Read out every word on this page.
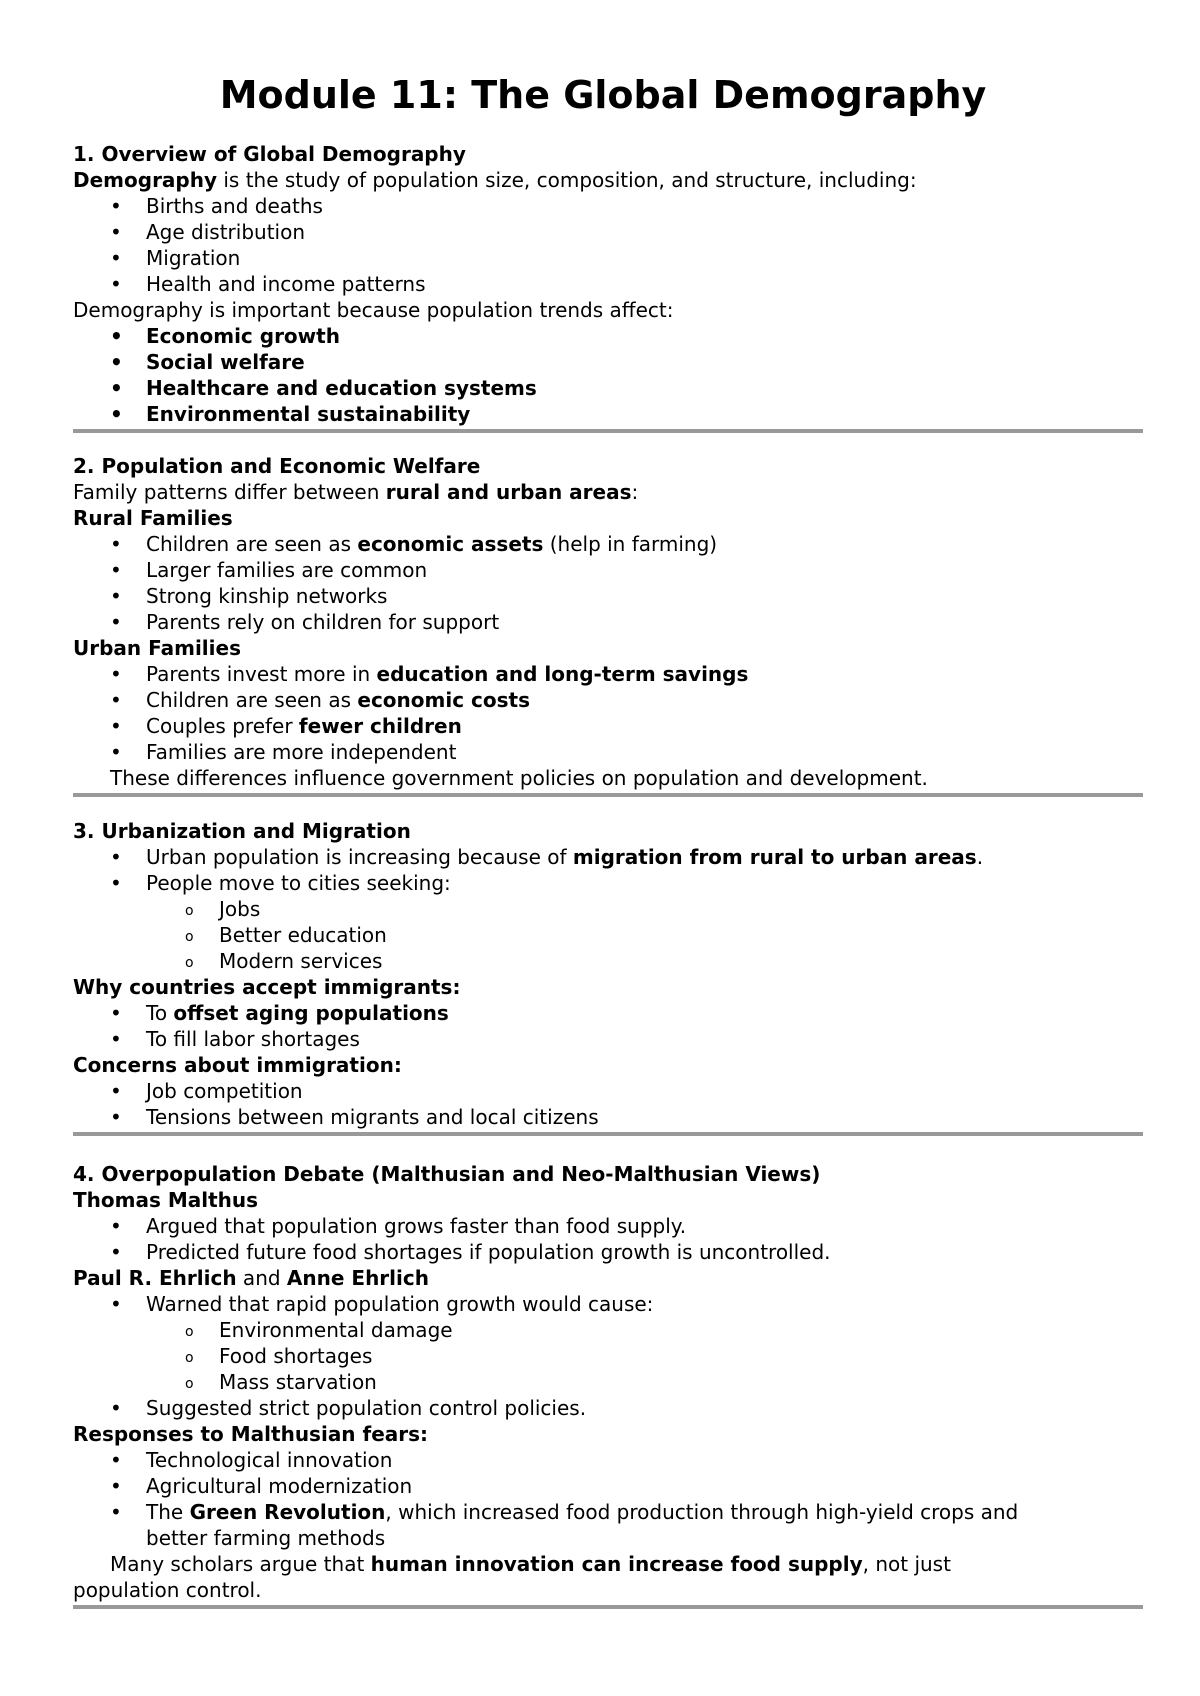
Module 11: The Global Demography
1. Overview of Global Demography
Demography is the study of population size, composition, and structure, including:
• Births and deaths
• Age distribution
• Migration
• Health and income patterns
Demography is important because population trends affect:
• Economic growth
• Social welfare
• Healthcare and education systems
• Environmental sustainability
2. Population and Economic Welfare
Family patterns differ between rural and urban areas:
Rural Families
• Children are seen as economic assets (help in farming)
• Larger families are common
• Strong kinship networks
• Parents rely on children for support
Urban Families
• Parents invest more in education and long-term savings
• Children are seen as economic costs
• Couples prefer fewer children
• Families are more independent
These differences influence government policies on population and development.
3. Urbanization and Migration
• Urban population is increasing because of migration from rural to urban areas.
• People move to cities seeking:
o Jobs
o Better education
o Modern services
Why countries accept immigrants:
• To offset aging populations
• To fill labor shortages
Concerns about immigration:
• Job competition
• Tensions between migrants and local citizens
4. Overpopulation Debate (Malthusian and Neo-Malthusian Views)
Thomas Malthus
• Argued that population grows faster than food supply.
• Predicted future food shortages if population growth is uncontrolled.
Paul R. Ehrlich and Anne Ehrlich
• Warned that rapid population growth would cause:
o Environmental damage
o Food shortages
o Mass starvation
• Suggested strict population control policies.
Responses to Malthusian fears:
• Technological innovation
• Agricultural modernization
• The Green Revolution, which increased food production through high-yield crops and
better farming methods
Many scholars argue that human innovation can increase food supply, not just
population control.
